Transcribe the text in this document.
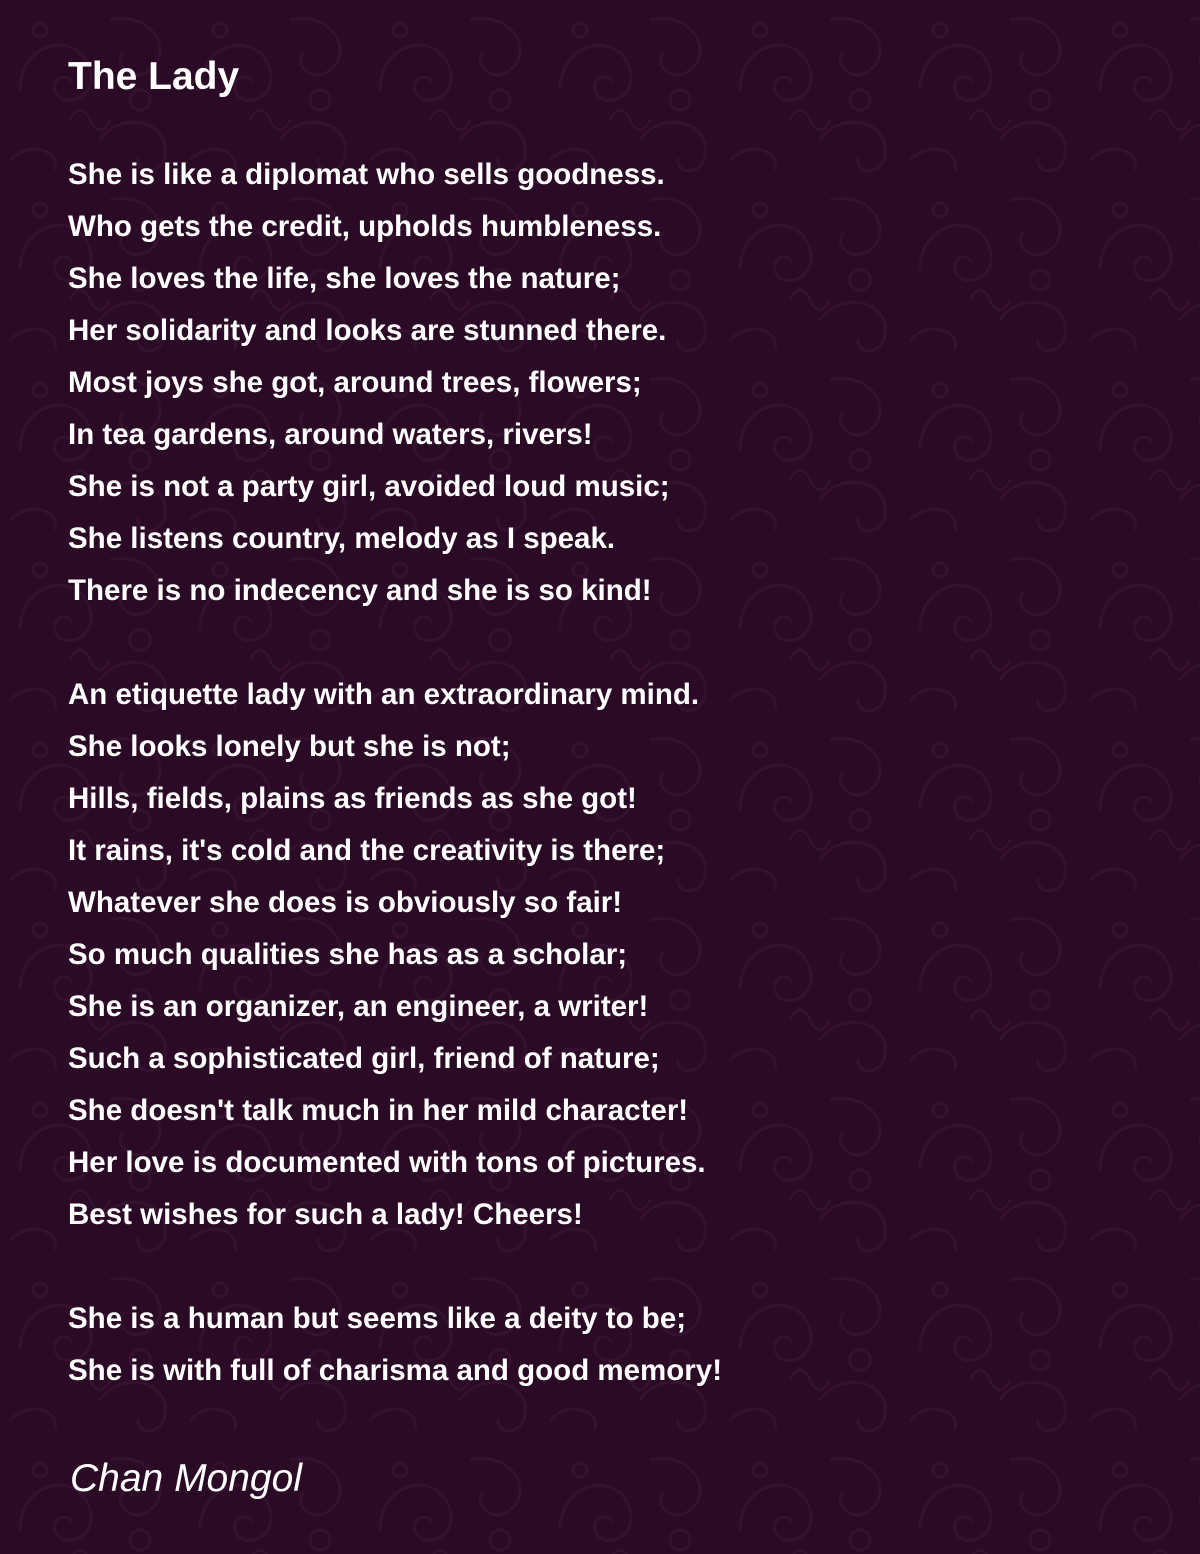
The Lady
She is like a diplomat who sells goodness.
Who gets the credit, upholds humbleness.
She loves the life, she loves the nature;
Her solidarity and looks are stunned there.
Most joys she got, around trees, flowers;
In tea gardens, around waters, rivers!
She is not a party girl, avoided loud music;
She listens country, melody as I speak.
There is no indecency and she is so kind!
An etiquette lady with an extraordinary mind.
She looks lonely but she is not;
Hills, fields, plains as friends as she got!
It rains, it's cold and the creativity is there;
Whatever she does is obviously so fair!
So much qualities she has as a scholar;
She is an organizer, an engineer, a writer!
Such a sophisticated girl, friend of nature;
She doesn't talk much in her mild character!
Her love is documented with tons of pictures.
Best wishes for such a lady! Cheers!
She is a human but seems like a deity to be;
She is with full of charisma and good memory!
Chan Mongol
